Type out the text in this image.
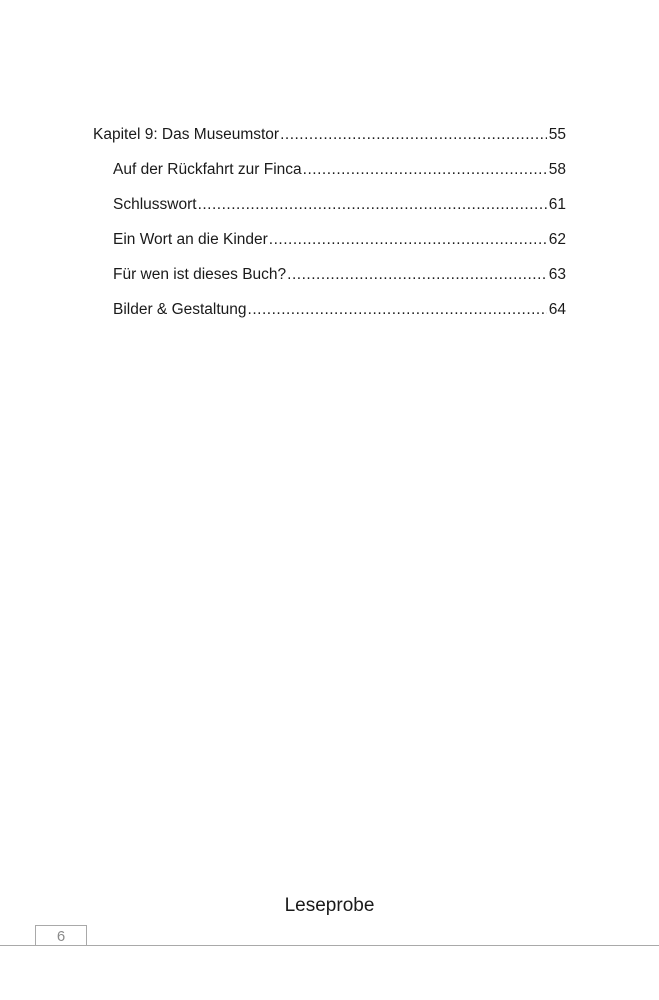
Kapitel 9: Das Museumstor .....	55
Auf der Rückfahrt zur Finca .....	58
Schlusswort .....	61
Ein Wort an die Kinder .....	62
Für wen ist dieses Buch? .....	63
Bilder & Gestaltung .....	64
Leseprobe
6
